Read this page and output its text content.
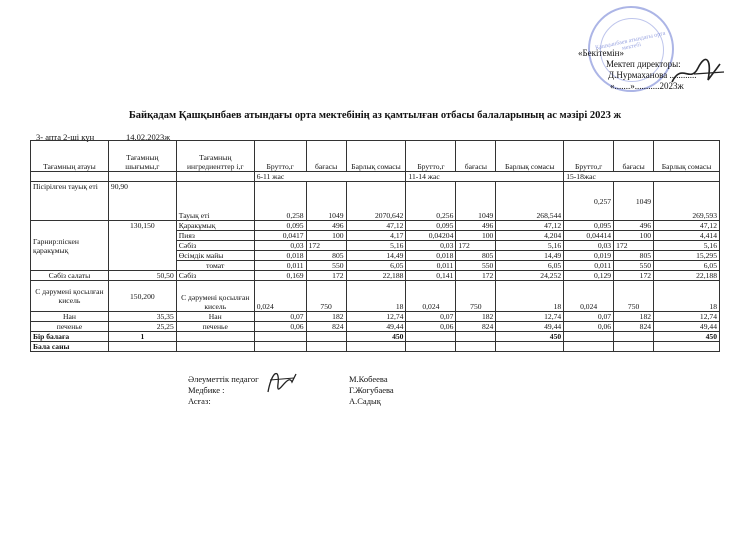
Қашқынбаев атындағы орта мектебі
«Бекітемін»
Мектеп директоры:
Д.Нурмаханова ............
«.......»...........2023ж
Байқадам Қашқынбаев атындағы орта мектебінің аз қамтылған отбасы балаларының ас мәзірі 2023 ж
3- апта 2-ші күн	14.02.2023ж
Тағамның атауы	Тағамның шығымы,г	Тағамның ингредиенттер і,г	Брутто,г	бағасы	Барлық сомасы	Брутто,г	бағасы	Барлық сомасы	Брутто,г	бағасы	Барлық сомасы
			6-11 жас			11-14 жас			15-18жас		
Пісірілген тауық еті	90,90	Тауық еті	0,258	1049	2070,642	0,256	1049	268,544	0,257	1049	269,593
Гарнир:піскен қаракұмық	130,150	Қаракұмық	0,095	496	47,12	0,095	496	47,12	0,095	496	47,12
		Пияз	0,0417	100	4,17	0,04204	100	4,204	0,04414	100	4,414
		Сәбіз	0,03	172	5,16	0,03	172	5,16	0,03	172	5,16
		Өсімдік майы	0,018	805	14,49	0,018	805	14,49	0,019	805	15,295
		томат	0,011	550	6,05	0,011	550	6,05	0,011	550	6,05
Сәбіз салаты	50,50	Сәбіз	0,169	172	22,188	0,141	172	24,252	0,129	172	22,188
С дәрумені қосылған кисель	150,200	С дәрумені қосылған кисель	0,024	750	18	0,024	750	18	0,024	750	18
Нан	35,35	Нан	0,07	182	12,74	0,07	182	12,74	0,07	182	12,74
печенье	25,25	печенье	0,06	824	49,44	0,06	824	49,44	0,06	824	49,44
Бір балаға	1				450			450			450
Бала саны											
Әлеуметтік педагог
Медбике :
Асғаз:
М.Кобеева
Г.Жогубаева
А.Садық
